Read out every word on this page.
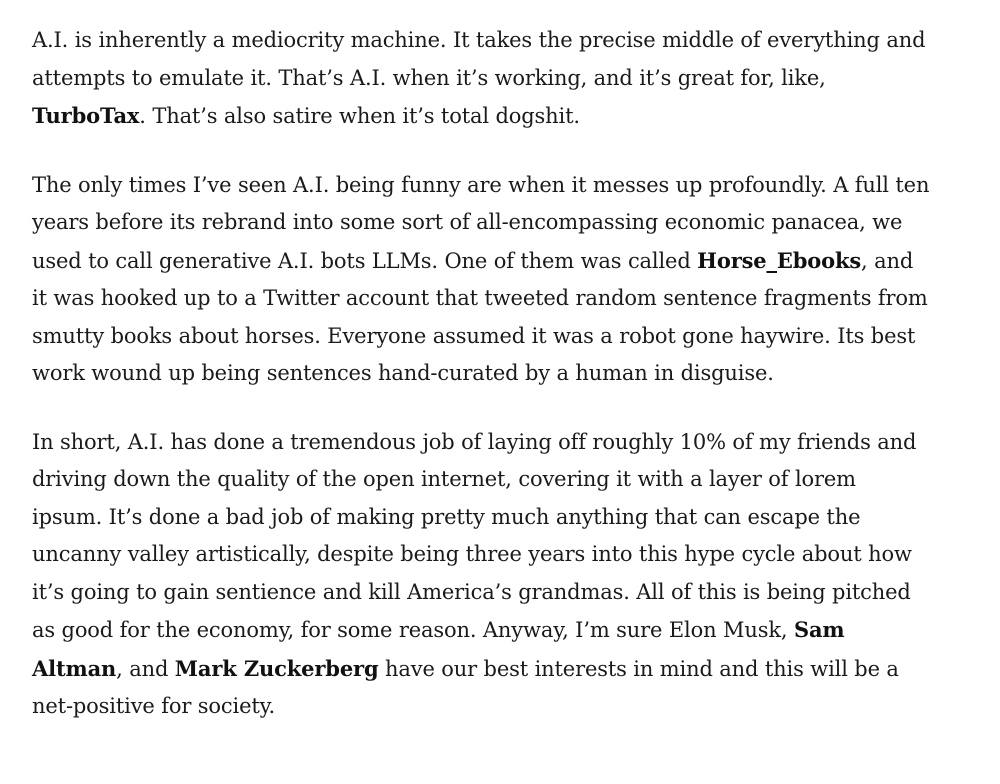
A.I. is inherently a mediocrity machine. It takes the precise middle of everything and attempts to emulate it. That’s A.I. when it’s working, and it’s great for, like, TurboTax. That’s also satire when it’s total dogshit.

The only times I’ve seen A.I. being funny are when it messes up profoundly. A full ten years before its rebrand into some sort of all-encompassing economic panacea, we used to call generative A.I. bots LLMs. One of them was called Horse_Ebooks, and it was hooked up to a Twitter account that tweeted random sentence fragments from smutty books about horses. Everyone assumed it was a robot gone haywire. Its best work wound up being sentences hand-curated by a human in disguise.

In short, A.I. has done a tremendous job of laying off roughly 10% of my friends and driving down the quality of the open internet, covering it with a layer of lorem ipsum. It’s done a bad job of making pretty much anything that can escape the uncanny valley artistically, despite being three years into this hype cycle about how it’s going to gain sentience and kill America’s grandmas. All of this is being pitched as good for the economy, for some reason. Anyway, I’m sure Elon Musk, Sam Altman, and Mark Zuckerberg have our best interests in mind and this will be a net-positive for society.
